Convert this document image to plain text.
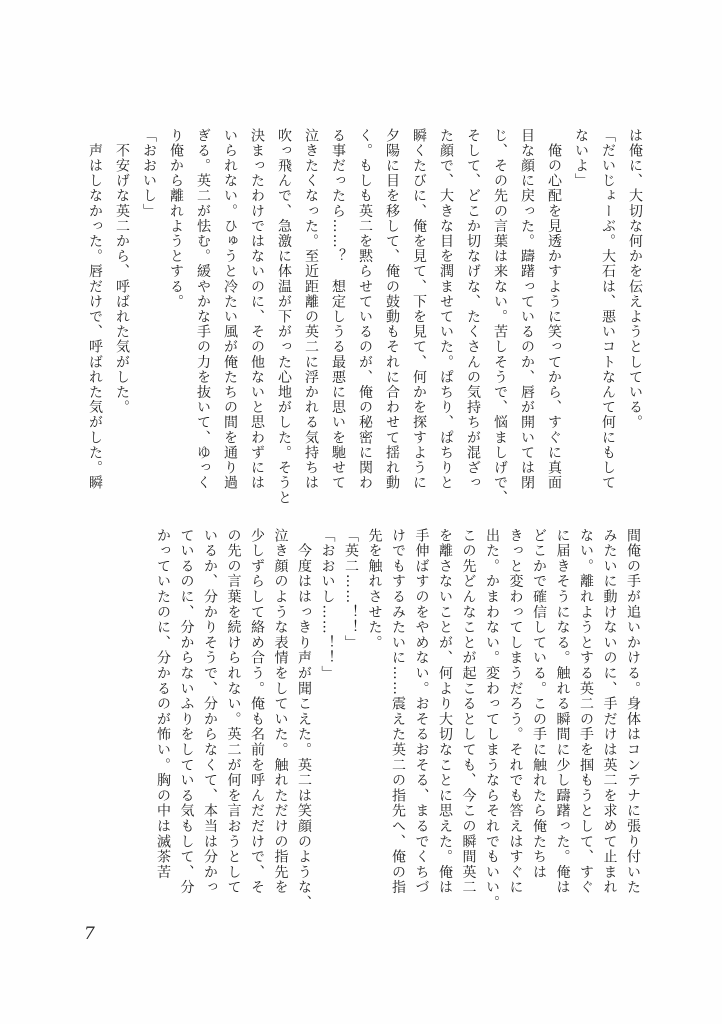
は俺に、大切な何かを伝えようとしている。
「だいじょーぶ。大石は、悪いコトなんて何にもして
ないよ」
　俺の心配を見透かすように笑ってから、すぐに真面
目な顔に戻った。躊躇っているのか、唇が開いては閉
じ、その先の言葉は来ない。苦しそうで、悩ましげで、
そして、どこか切なげな、たくさんの気持ちが混ざっ
た顔で、大きな目を潤ませていた。ぱちり、ぱちりと
瞬くたびに、俺を見て、下を見て、何かを探すように
夕陽に目を移して、俺の鼓動もそれに合わせて揺れ動
く。もしも英二を黙らせているのが、俺の秘密に関わ
る事だったら……？　想定しうる最悪に思いを馳せて
泣きたくなった。至近距離の英二に浮かれる気持ちは
吹っ飛んで、急激に体温が下がった心地がした。そうと
決まったわけではないのに、その他ないと思わずには
いられない。ひゅうと冷たい風が俺たちの間を通り過
ぎる。英二が怯む。緩やかな手の力を抜いて、ゆっく
り俺から離れようとする。
「おおいし」
　不安げな英二から、呼ばれた気がした。
　声はしなかった。唇だけで、呼ばれた気がした。瞬
間俺の手が追いかける。身体はコンテナに張り付いた
みたいに動けないのに、手だけは英二を求めて止まれ
ない。離れようとする英二の手を掴もうとして、すぐ
に届きそうになる。触れる瞬間に少し躊躇った。俺は
どこかで確信している。この手に触れたら俺たちは
きっと変わってしまうだろう。それでも答えはすぐに
出た。かまわない。変わってしまうならそれでもいい。
この先どんなことが起こるとしても、今この瞬間英二
を離さないことが、何より大切なことに思えた。俺は
手伸ばすのをやめない。おそるおそる、まるでくちづ
けでもするみたいに……震えた英二の指先へ、俺の指
先を触れさせた。
「英二……！！」
「おおいし……！！」
　今度ははっきり声が聞こえた。英二は笑顔のような、
泣き顔のような表情をしていた。触れただけの指先を
少しずらして絡め合う。俺も名前を呼んだだけで、そ
の先の言葉を続けられない。英二が何を言おうとして
いるか、分かりそうで、分からなくて、本当は分かっ
ているのに、分からないふりをしている気もして、分
かっていたのに、分かるのが怖い。胸の中は滅茶苦
7
